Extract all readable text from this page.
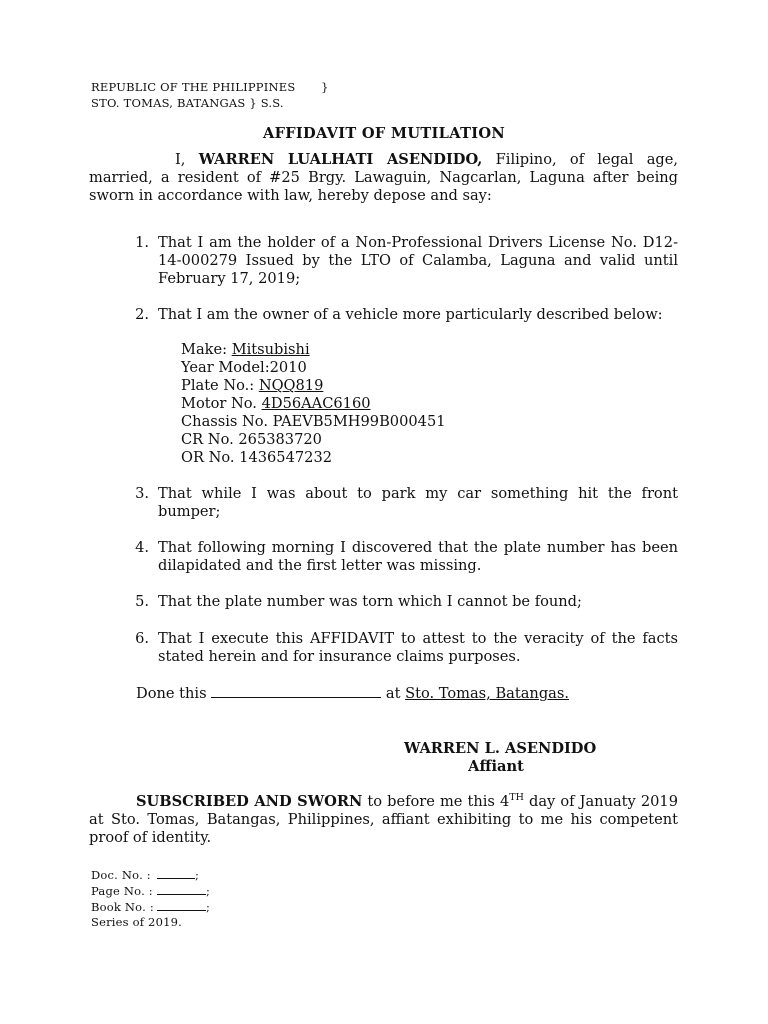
REPUBLIC OF THE PHILIPPINES }
STO. TOMAS, BATANGAS } S.S.
AFFIDAVIT OF MUTILATION
I, WARREN LUALHATI ASENDIDO, Filipino, of legal age, married, a resident of #25 Brgy. Lawaguin, Nagcarlan, Laguna after being sworn in accordance with law, hereby depose and say:
1. That I am the holder of a Non-Professional Drivers License No. D12-14-000279 Issued by the LTO of Calamba, Laguna and valid until February 17, 2019;
2. That I am the owner of a vehicle more particularly described below:
Make: Mitsubishi
Year Model:2010
Plate No.: NQQ819
Motor No. 4D56AAC6160
Chassis No. PAEVB5MH99B000451
CR No. 265383720
OR No. 1436547232
3. That while I was about to park my car something hit the front bumper;
4. That following morning I discovered that the plate number has been dilapidated and the first letter was missing.
5. That the plate number was torn which I cannot be found;
6. That I execute this AFFIDAVIT to attest to the veracity of the facts stated herein and for insurance claims purposes.
Done this	at Sto. Tomas, Batangas.
WARREN L. ASENDIDO
Affiant
SUBSCRIBED AND SWORN to before me this 4TH day of Januaty 2019 at Sto. Tomas, Batangas, Philippines, affiant exhibiting to me his competent proof of identity.
Doc. No. :	;
Page No. :	;
Book No. :	;
Series of 2019.
